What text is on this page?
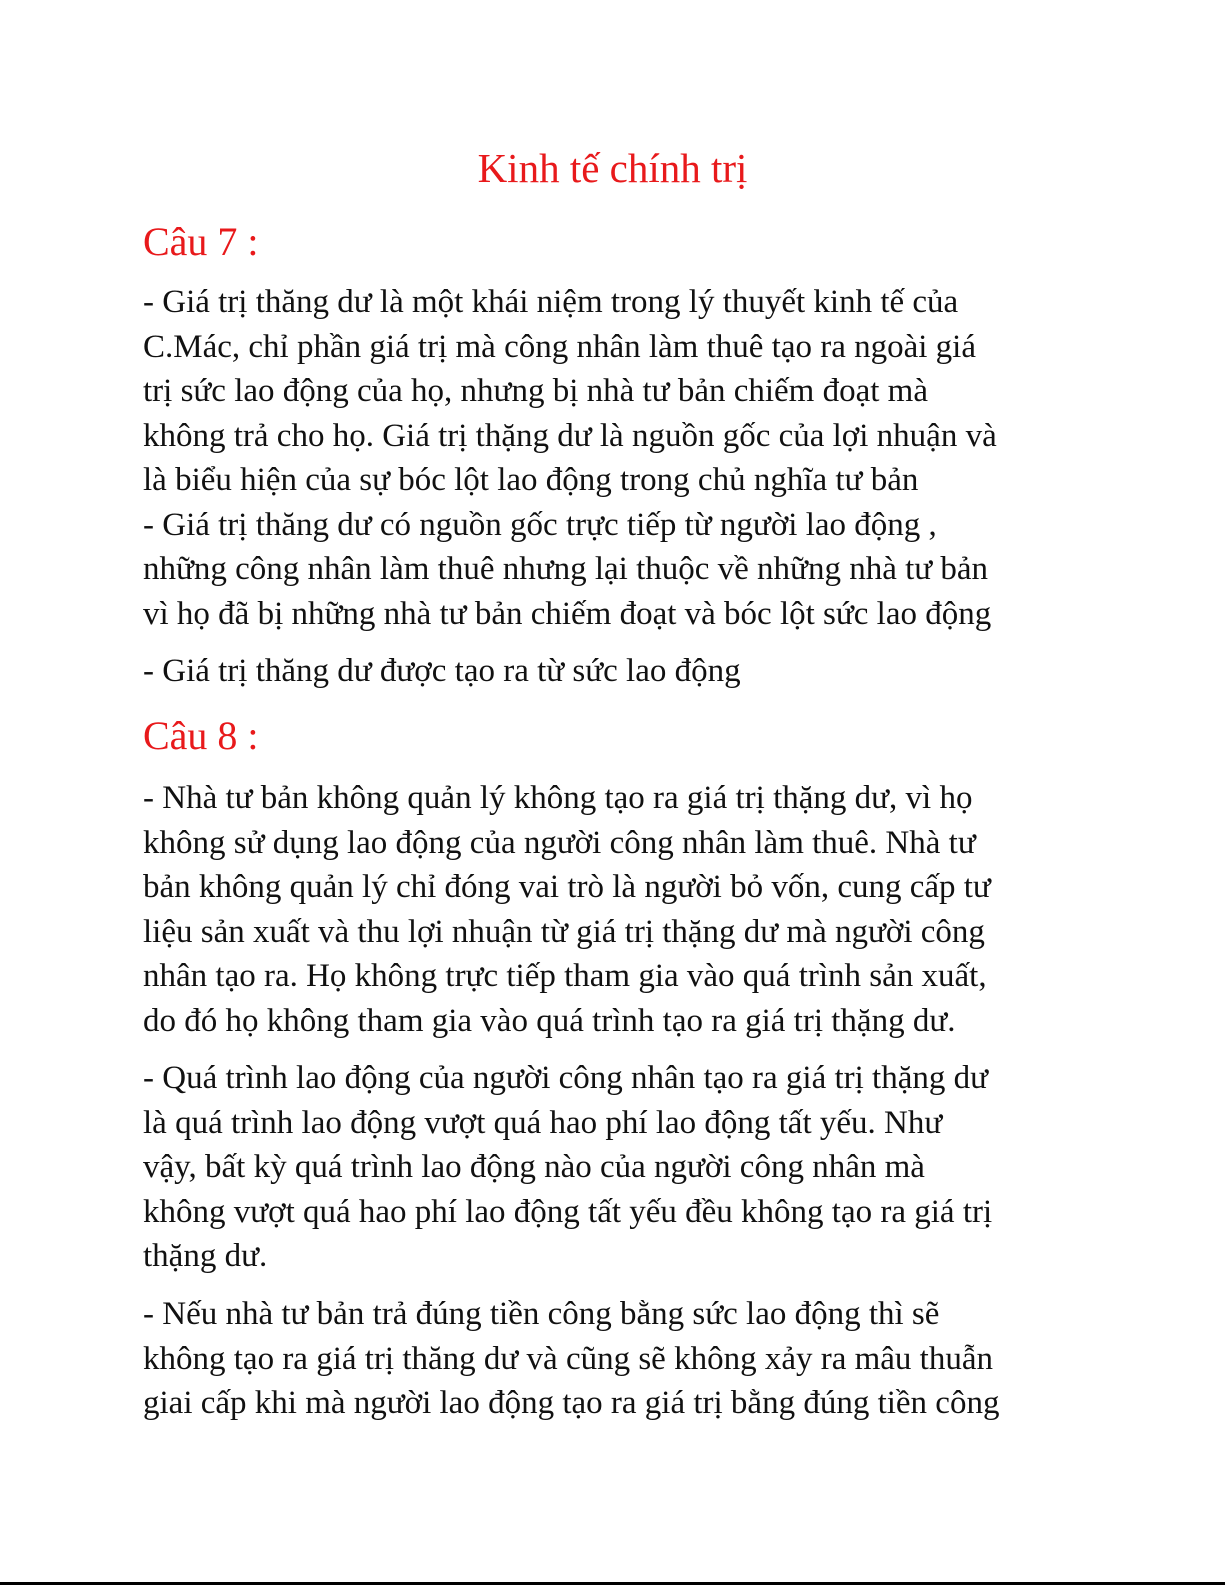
Kinh tế chính trị
Câu 7 :
- Giá trị thăng dư là một khái niệm trong lý thuyết kinh tế của
C.Mác, chỉ phần giá trị mà công nhân làm thuê tạo ra ngoài giá
trị sức lao động của họ, nhưng bị nhà tư bản chiếm đoạt mà
không trả cho họ. Giá trị thặng dư là nguồn gốc của lợi nhuận và
là biểu hiện của sự bóc lột lao động trong chủ nghĩa tư bản
- Giá trị thăng dư có nguồn gốc trực tiếp từ người lao động ,
những công nhân làm thuê nhưng lại thuộc về những nhà tư bản
vì họ đã bị những nhà tư bản chiếm đoạt và bóc lột sức lao động
- Giá trị thăng dư được tạo ra từ sức lao động
Câu 8 :
- Nhà tư bản không quản lý không tạo ra giá trị thặng dư, vì họ
không sử dụng lao động của người công nhân làm thuê. Nhà tư
bản không quản lý chỉ đóng vai trò là người bỏ vốn, cung cấp tư
liệu sản xuất và thu lợi nhuận từ giá trị thặng dư mà người công
nhân tạo ra. Họ không trực tiếp tham gia vào quá trình sản xuất,
do đó họ không tham gia vào quá trình tạo ra giá trị thặng dư.
- Quá trình lao động của người công nhân tạo ra giá trị thặng dư
là quá trình lao động vượt quá hao phí lao động tất yếu. Như
vậy, bất kỳ quá trình lao động nào của người công nhân mà
không vượt quá hao phí lao động tất yếu đều không tạo ra giá trị
thặng dư.
- Nếu nhà tư bản trả đúng tiền công bằng sức lao động thì sẽ
không tạo ra giá trị thăng dư và cũng sẽ không xảy ra mâu thuẫn
giai cấp khi mà người lao động tạo ra giá trị bằng đúng tiền công
